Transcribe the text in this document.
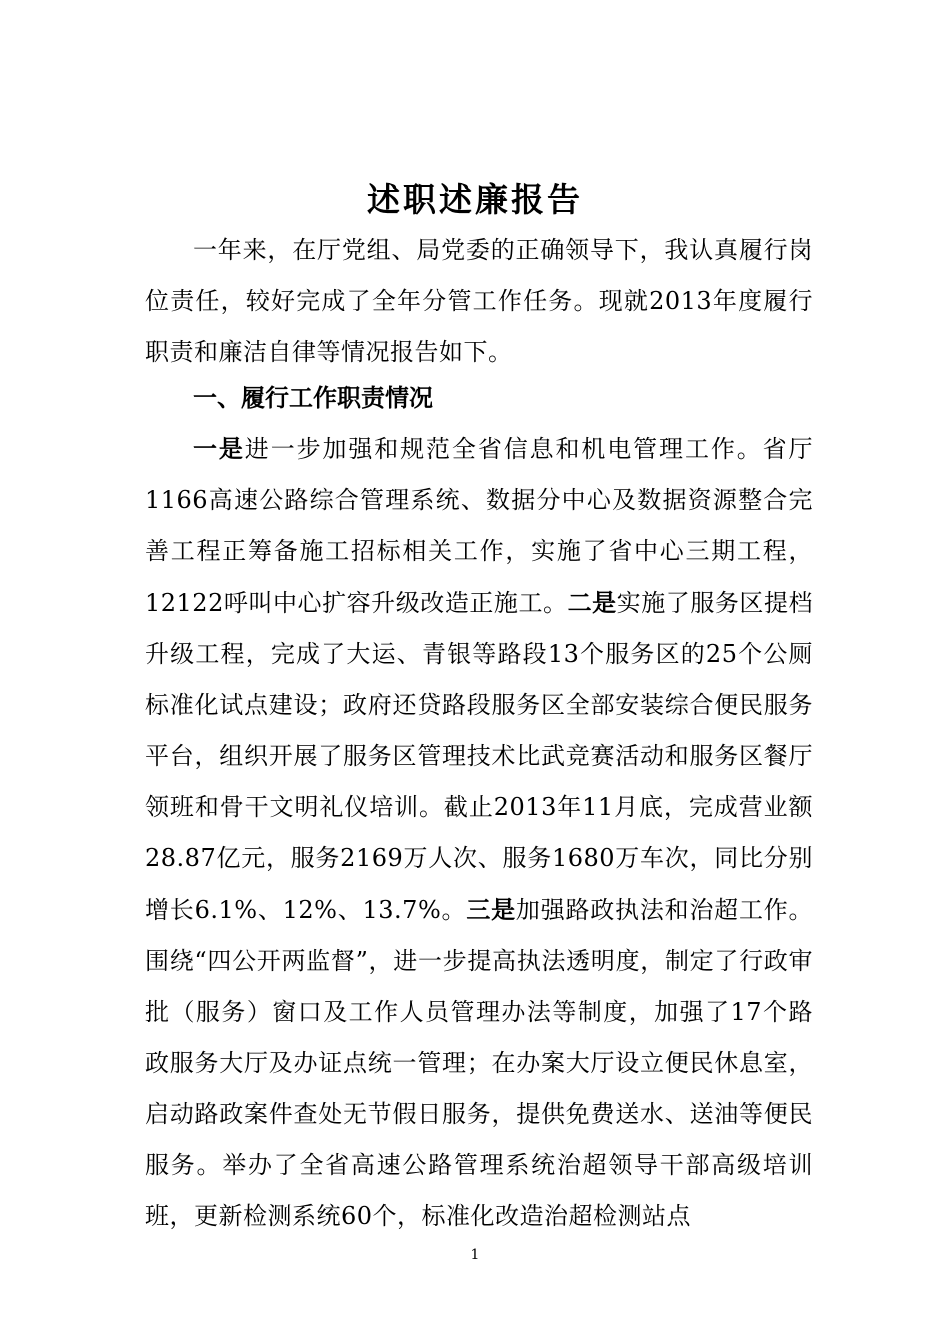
述职述廉报告
一年来，在厅党组、局党委的正确领导下，我认真履行岗位责任，较好完成了全年分管工作任务。现就2013年度履行职责和廉洁自律等情况报告如下。
一、履行工作职责情况
一是进一步加强和规范全省信息和机电管理工作。省厅1166高速公路综合管理系统、数据分中心及数据资源整合完善工程正筹备施工招标相关工作，实施了省中心三期工程，12122呼叫中心扩容升级改造正施工。二是实施了服务区提档升级工程，完成了大运、青银等路段13个服务区的25个公厕标准化试点建设；政府还贷路段服务区全部安装综合便民服务平台，组织开展了服务区管理技术比武竞赛活动和服务区餐厅领班和骨干文明礼仪培训。截止2013年11月底，完成营业额28.87亿元，服务2169万人次、服务1680万车次，同比分别增长6.1%、12%、13.7%。三是加强路政执法和治超工作。围绕“四公开两监督”，进一步提高执法透明度，制定了行政审批（服务）窗口及工作人员管理办法等制度，加强了17个路政服务大厅及办证点统一管理；在办案大厅设立便民休息室，启动路政案件查处无节假日服务，提供免费送水、送油等便民服务。举办了全省高速公路管理系统治超领导干部高级培训班，更新检测系统60个，标准化改造治超检测站点
1
